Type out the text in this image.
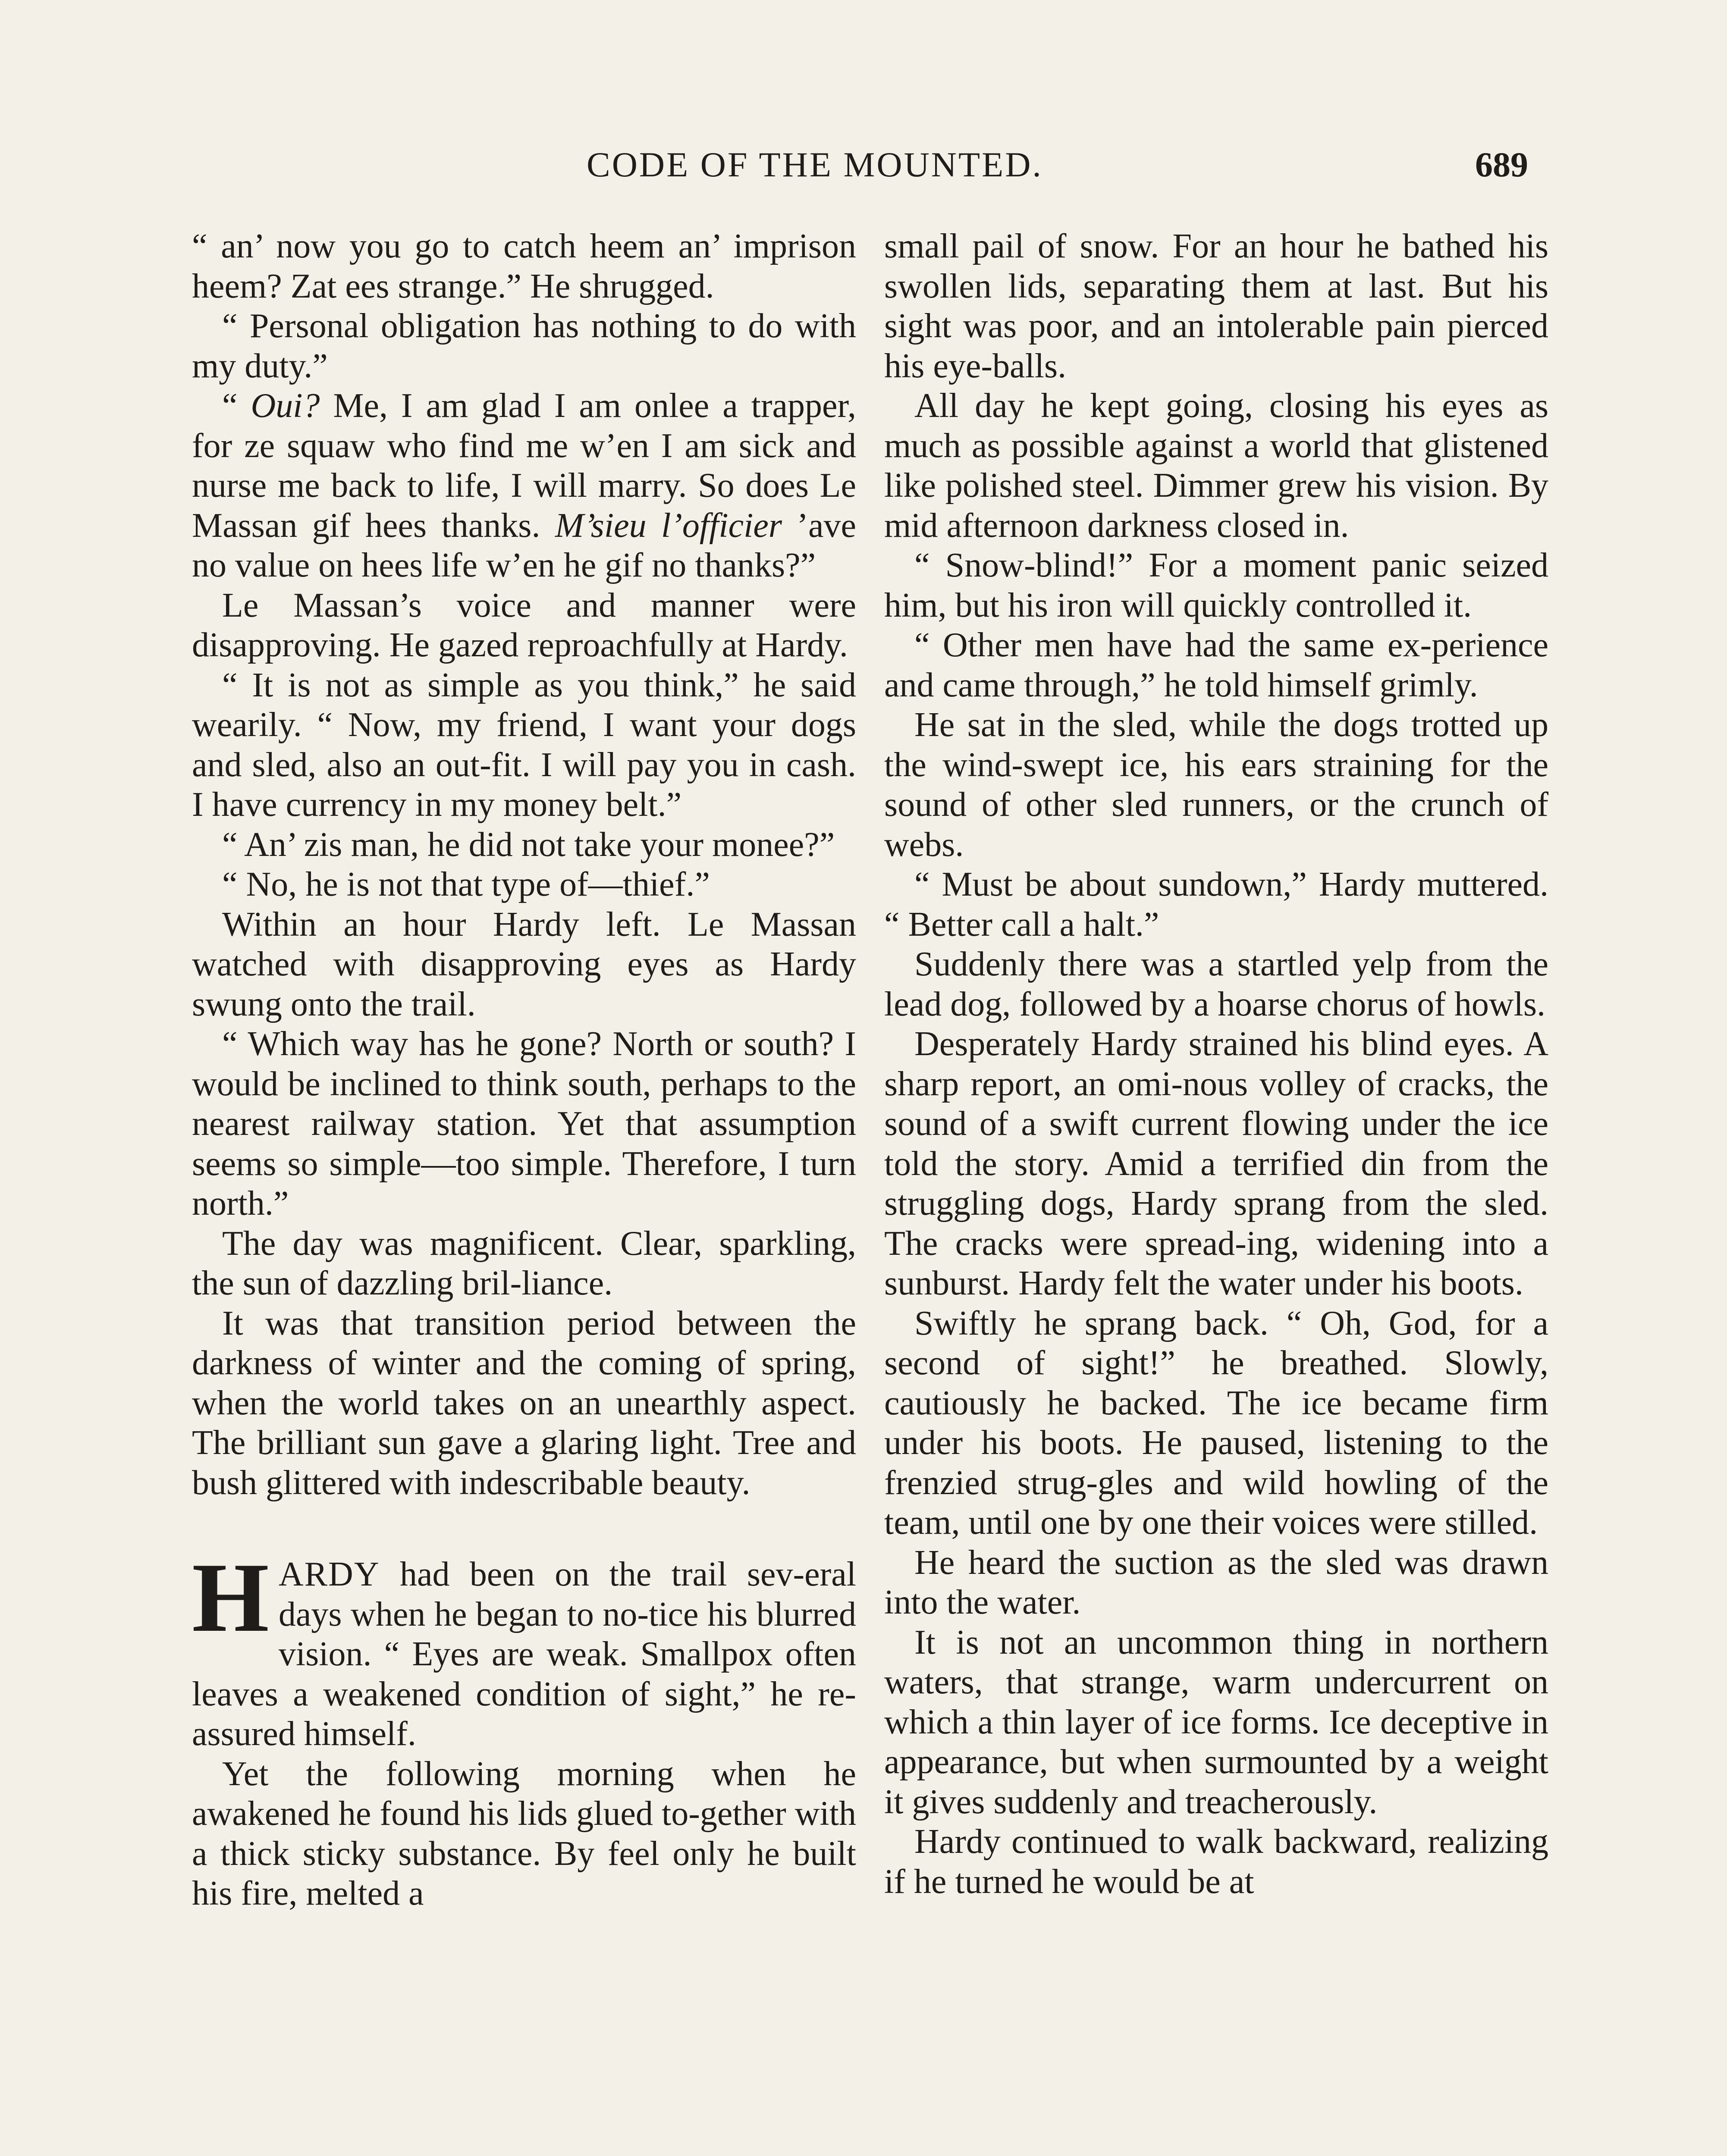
CODE OF THE MOUNTED.	689

“ an’ now you go to catch heem an’ imprison heem? Zat ees strange.” He shrugged.

“ Personal obligation has nothing to do with my duty.”

“ Oui? Me, I am glad I am onlee a trapper, for ze squaw who find me w’en I am sick and nurse me back to life, I will marry. So does Le Massan gif hees thanks. M’sieu l’officier ’ave no value on hees life w’en he gif no thanks?”

Le Massan’s voice and manner were disapproving. He gazed reproachfully at Hardy.

“ It is not as simple as you think,” he said wearily. “ Now, my friend, I want your dogs and sled, also an out-fit. I will pay you in cash. I have currency in my money belt.”

“ An’ zis man, he did not take your monee?”

“ No, he is not that type of—thief.”

Within an hour Hardy left. Le Massan watched with disapproving eyes as Hardy swung onto the trail.

“ Which way has he gone? North or south? I would be inclined to think south, perhaps to the nearest railway station. Yet that assumption seems so simple—too simple. Therefore, I turn north.”

The day was magnificent. Clear, sparkling, the sun of dazzling bril-liance.

It was that transition period between the darkness of winter and the coming of spring, when the world takes on an unearthly aspect. The brilliant sun gave a glaring light. Tree and bush glittered with indescribable beauty.

HARDY had been on the trail sev-eral days when he began to no-tice his blurred vision. “ Eyes are weak. Smallpox often leaves a weakened condition of sight,” he re-assured himself.

Yet the following morning when he awakened he found his lids glued to-gether with a thick sticky substance. By feel only he built his fire, melted a

small pail of snow. For an hour he bathed his swollen lids, separating them at last. But his sight was poor, and an intolerable pain pierced his eye-balls.

All day he kept going, closing his eyes as much as possible against a world that glistened like polished steel. Dimmer grew his vision. By mid afternoon darkness closed in.

“ Snow-blind!” For a moment panic seized him, but his iron will quickly controlled it.

“ Other men have had the same ex-perience and came through,” he told himself grimly.

He sat in the sled, while the dogs trotted up the wind-swept ice, his ears straining for the sound of other sled runners, or the crunch of webs.

“ Must be about sundown,” Hardy muttered. “ Better call a halt.”

Suddenly there was a startled yelp from the lead dog, followed by a hoarse chorus of howls.

Desperately Hardy strained his blind eyes. A sharp report, an omi-nous volley of cracks, the sound of a swift current flowing under the ice told the story. Amid a terrified din from the struggling dogs, Hardy sprang from the sled. The cracks were spread-ing, widening into a sunburst. Hardy felt the water under his boots.

Swiftly he sprang back. “ Oh, God, for a second of sight!” he breathed. Slowly, cautiously he backed. The ice became firm under his boots. He paused, listening to the frenzied strug-gles and wild howling of the team, until one by one their voices were stilled.

He heard the suction as the sled was drawn into the water.

It is not an uncommon thing in northern waters, that strange, warm undercurrent on which a thin layer of ice forms. Ice deceptive in appearance, but when surmounted by a weight it gives suddenly and treacherously.

Hardy continued to walk backward, realizing if he turned he would be at
